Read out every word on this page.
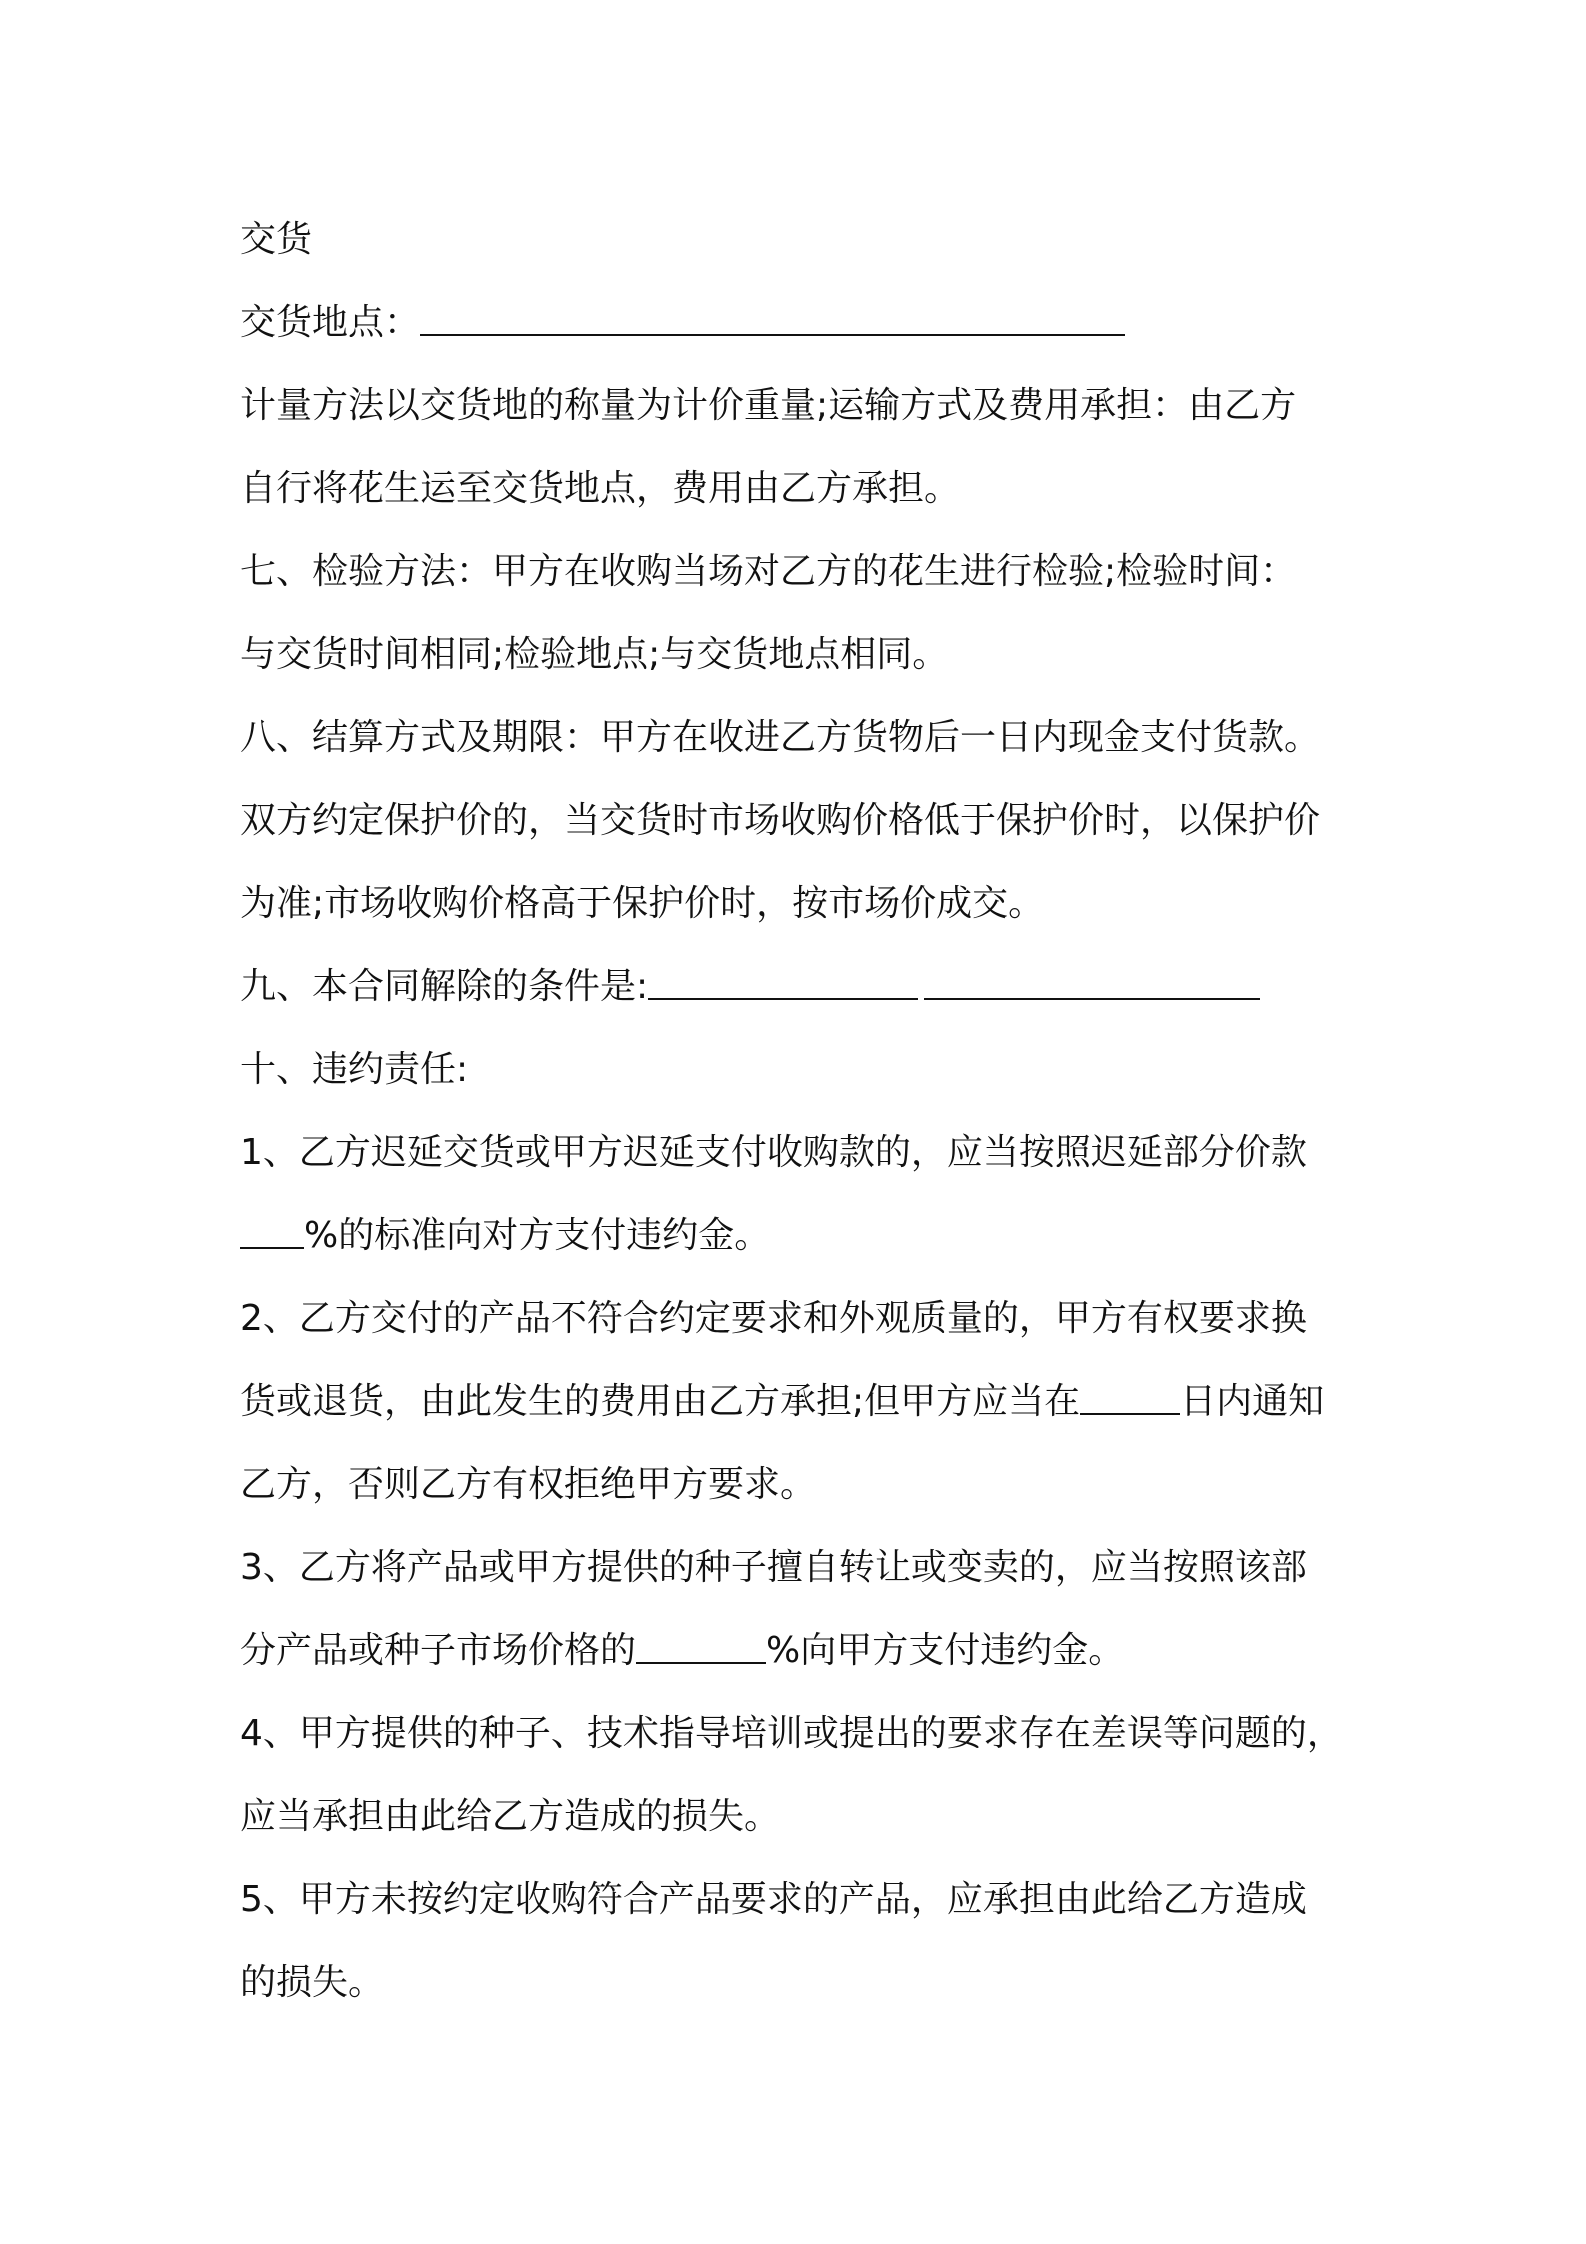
交货
交货地点：
计量方法以交货地的称量为计价重量;运输方式及费用承担：由乙方
自行将花生运至交货地点，费用由乙方承担。
七、检验方法：甲方在收购当场对乙方的花生进行检验;检验时间：
与交货时间相同;检验地点;与交货地点相同。
八、结算方式及期限：甲方在收进乙方货物后一日内现金支付货款。
双方约定保护价的，当交货时市场收购价格低于保护价时，以保护价
为准;市场收购价格高于保护价时，按市场价成交。
九、本合同解除的条件是:
十、违约责任:
1、乙方迟延交货或甲方迟延支付收购款的，应当按照迟延部分价款
%的标准向对方支付违约金。
2、乙方交付的产品不符合约定要求和外观质量的，甲方有权要求换
货或退货，由此发生的费用由乙方承担;但甲方应当在	日内通知
乙方，否则乙方有权拒绝甲方要求。
3、乙方将产品或甲方提供的种子擅自转让或变卖的，应当按照该部
分产品或种子市场价格的	%向甲方支付违约金。
4、甲方提供的种子、技术指导培训或提出的要求存在差误等问题的，
应当承担由此给乙方造成的损失。
5、甲方未按约定收购符合产品要求的产品，应承担由此给乙方造成
的损失。
